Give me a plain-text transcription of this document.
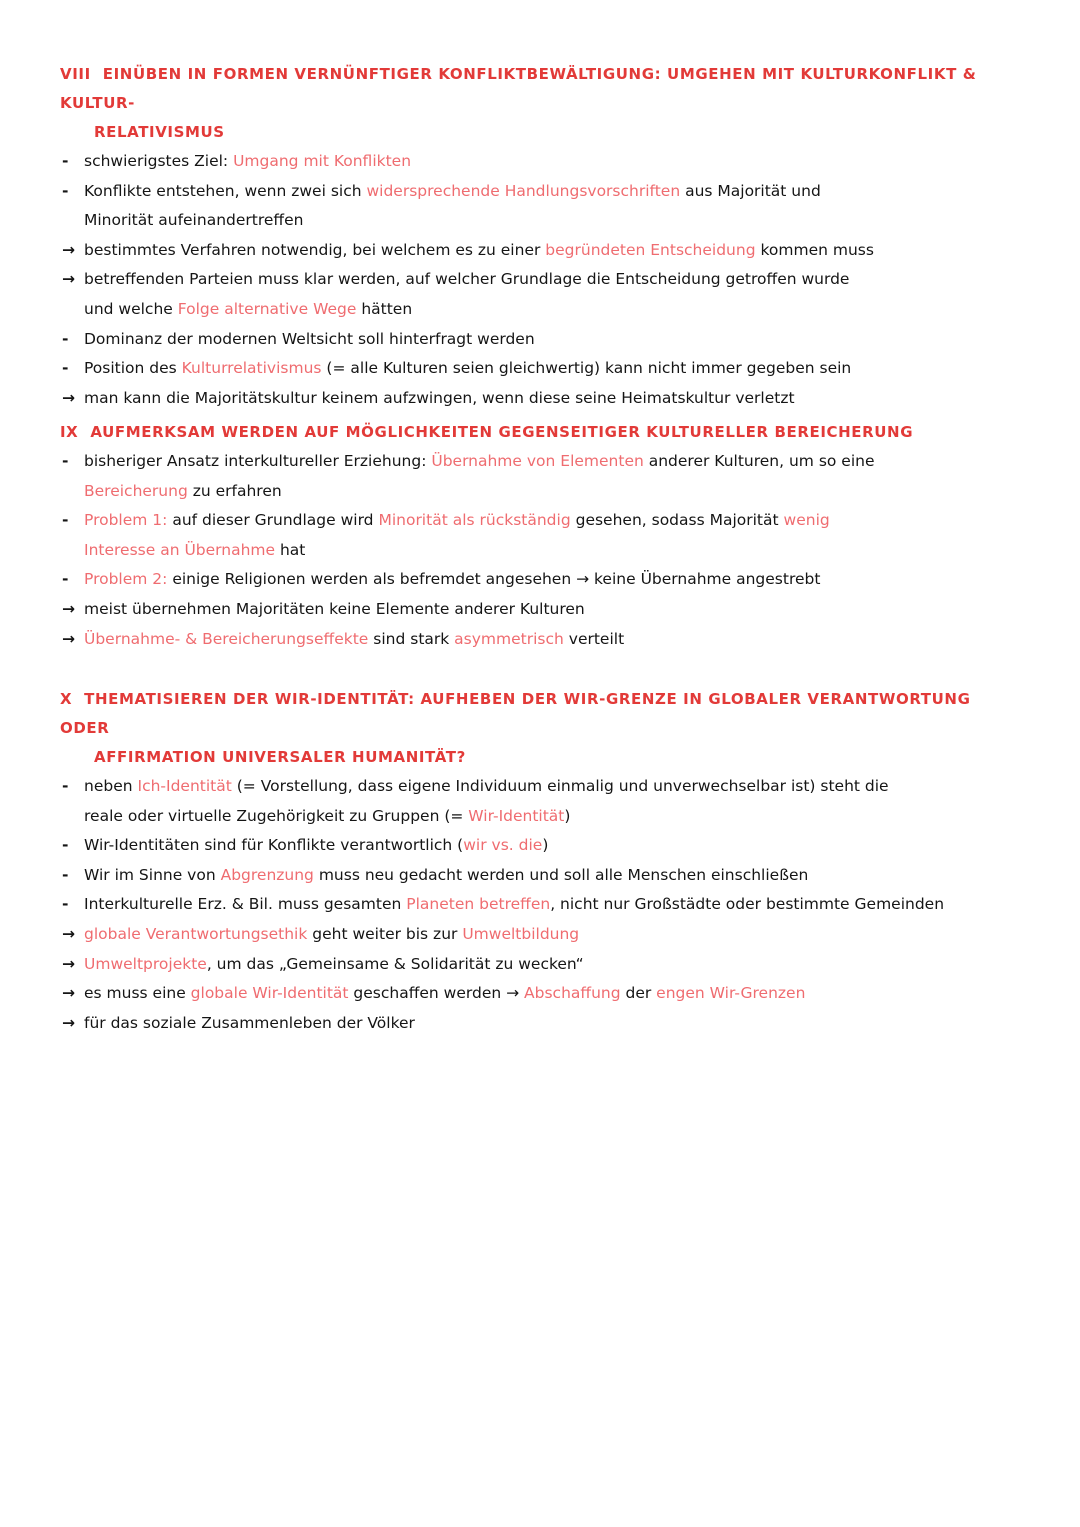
VIII EINÜBEN IN FORMEN VERNÜNFTIGER KONFLIKTBEWÄLTIGUNG: UMGEHEN MIT KULTURKONFLIKT & KULTUR-
RELATIVISMUS
- schwierigstes Ziel: Umgang mit Konflikten
- Konflikte entstehen, wenn zwei sich widersprechende Handlungsvorschriften aus Majorität und
Minorität aufeinandertreffen
→ bestimmtes Verfahren notwendig, bei welchem es zu einer begründeten Entscheidung kommen muss
→ betreffenden Parteien muss klar werden, auf welcher Grundlage die Entscheidung getroffen wurde
und welche Folge alternative Wege hätten
- Dominanz der modernen Weltsicht soll hinterfragt werden
- Position des Kulturrelativismus (= alle Kulturen seien gleichwertig) kann nicht immer gegeben sein
→ man kann die Majoritätskultur keinem aufzwingen, wenn diese seine Heimatskultur verletzt
IX AUFMERKSAM WERDEN AUF MÖGLICHKEITEN GEGENSEITIGER KULTURELLER BEREICHERUNG
- bisheriger Ansatz interkultureller Erziehung: Übernahme von Elementen anderer Kulturen, um so eine
Bereicherung zu erfahren
- Problem 1: auf dieser Grundlage wird Minorität als rückständig gesehen, sodass Majorität wenig
Interesse an Übernahme hat
- Problem 2: einige Religionen werden als befremdet angesehen → keine Übernahme angestrebt
→ meist übernehmen Majoritäten keine Elemente anderer Kulturen
→ Übernahme- & Bereicherungseffekte sind stark asymmetrisch verteilt
X THEMATISIEREN DER WIR-IDENTITÄT: AUFHEBEN DER WIR-GRENZE IN GLOBALER VERANTWORTUNG ODER
AFFIRMATION UNIVERSALER HUMANITÄT?
- neben Ich-Identität (= Vorstellung, dass eigene Individuum einmalig und unverwechselbar ist) steht die
reale oder virtuelle Zugehörigkeit zu Gruppen (= Wir-Identität)
- Wir-Identitäten sind für Konflikte verantwortlich (wir vs. die)
- Wir im Sinne von Abgrenzung muss neu gedacht werden und soll alle Menschen einschließen
- Interkulturelle Erz. & Bil. muss gesamten Planeten betreffen, nicht nur Großstädte oder bestimmte Gemeinden
→ globale Verantwortungsethik geht weiter bis zur Umweltbildung
→ Umweltprojekte, um das „Gemeinsame & Solidarität zu wecken“
→ es muss eine globale Wir-Identität geschaffen werden → Abschaffung der engen Wir-Grenzen
→ für das soziale Zusammenleben der Völker
